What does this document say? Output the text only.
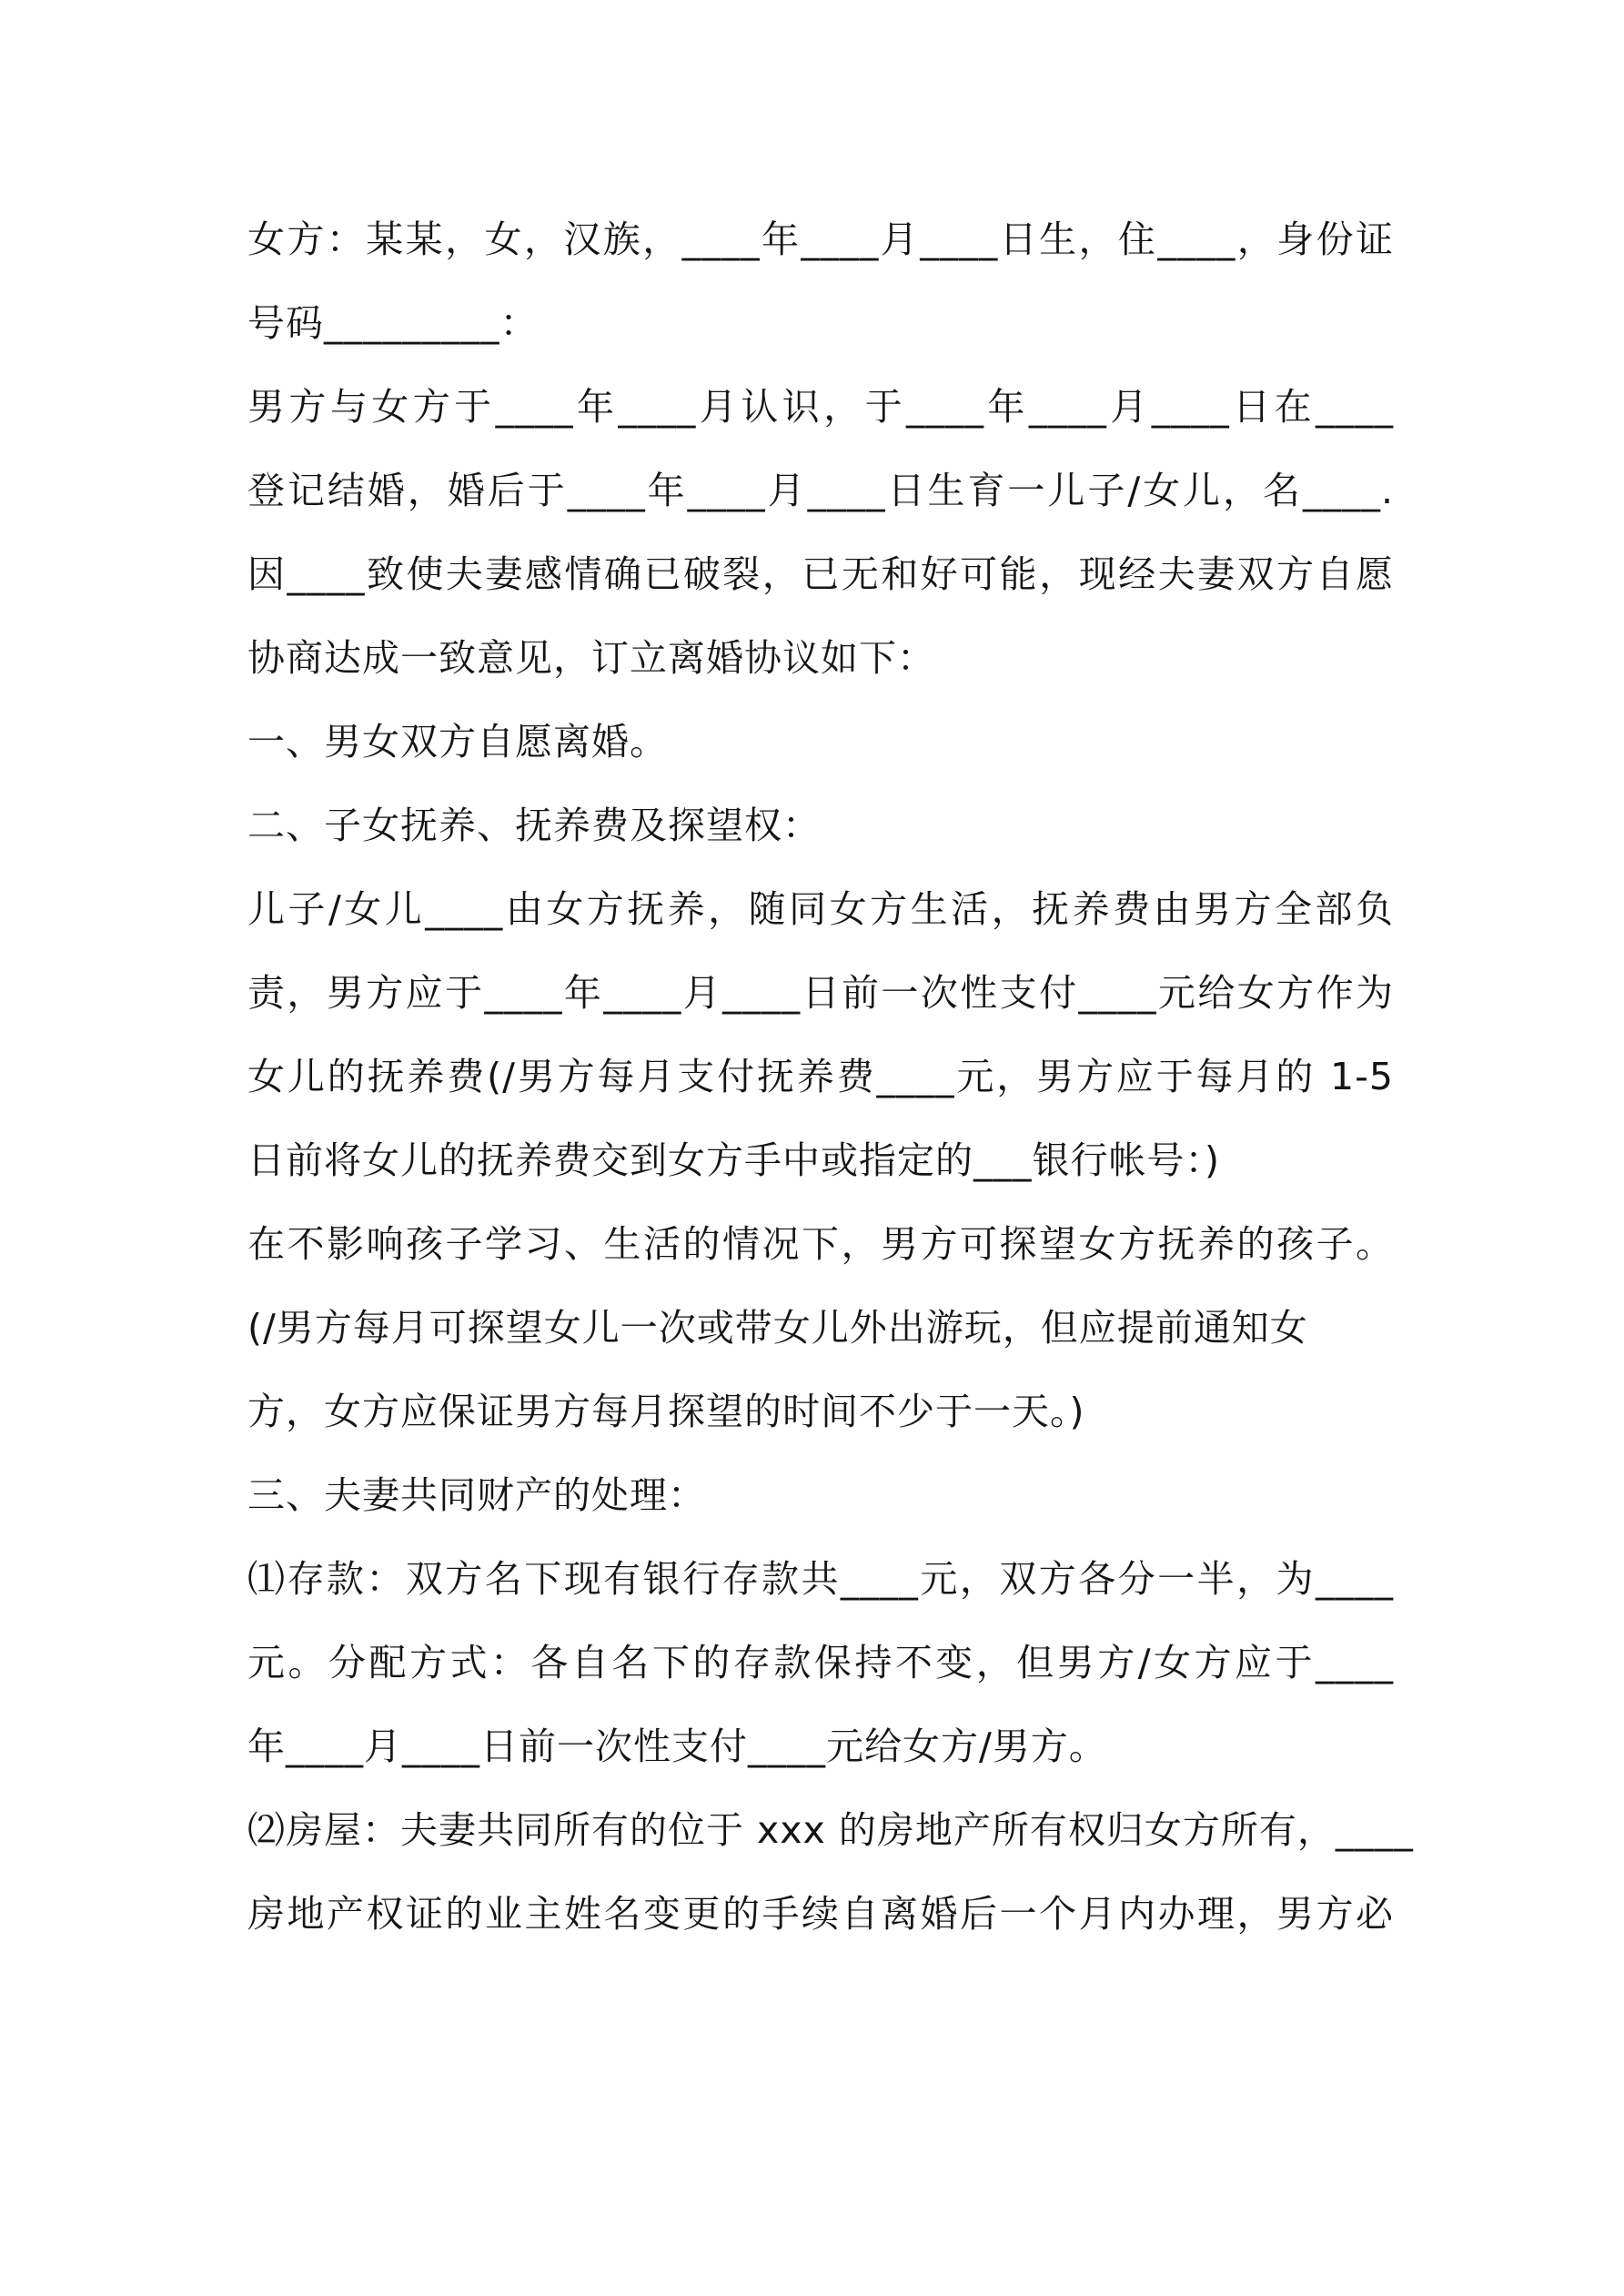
女方：某某，女，汉族，____年____月____日生，住____，身份证
号码_________：
男方与女方于____年____月认识，于____年____月____日在____
登记结婚，婚后于____年____月____日生育一儿子/女儿，名____.
因____致使夫妻感情确已破裂，已无和好可能，现经夫妻双方自愿
协商达成一致意见，订立离婚协议如下：
一、男女双方自愿离婚。
二、子女抚养、抚养费及探望权：
儿子/女儿____由女方抚养，随同女方生活，抚养费由男方全部负
责，男方应于____年____月____日前一次性支付____元给女方作为
女儿的抚养费(/男方每月支付抚养费____元，男方应于每月的 1-5
日前将女儿的抚养费交到女方手中或指定的___银行帐号：)
在不影响孩子学习、生活的情况下，男方可探望女方抚养的孩子。
(/男方每月可探望女儿一次或带女儿外出游玩，但应提前通知女
方，女方应保证男方每月探望的时间不少于一天。)
三、夫妻共同财产的处理：
⑴存款：双方名下现有银行存款共____元，双方各分一半，为____
元。分配方式：各自名下的存款保持不变，但男方/女方应于____
年____月____日前一次性支付____元给女方/男方。
⑵房屋：夫妻共同所有的位于 xxx 的房地产所有权归女方所有，____
房地产权证的业主姓名变更的手续自离婚后一个月内办理，男方必
